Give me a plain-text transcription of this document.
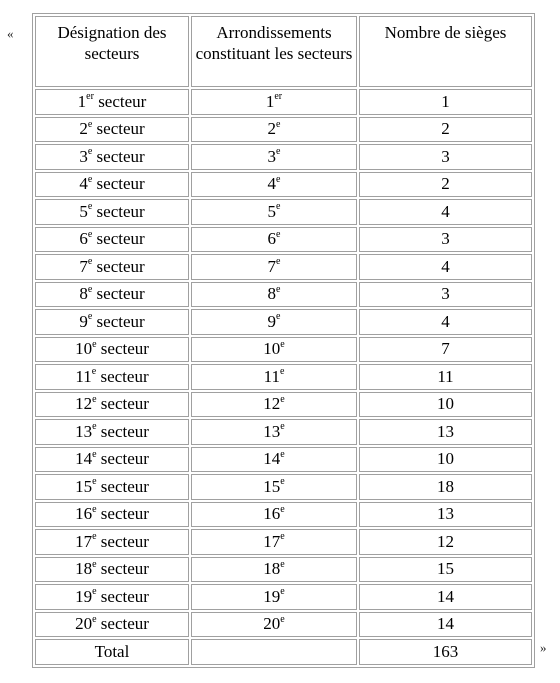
«	Désignation des secteurs	Arrondissements constituant les secteurs	Nombre de sièges
1er secteur	1er	1
2e secteur	2e	2
3e secteur	3e	3
4e secteur	4e	2
5e secteur	5e	4
6e secteur	6e	3
7e secteur	7e	4
8e secteur	8e	3
9e secteur	9e	4
10e secteur	10e	7
11e secteur	11e	11
12e secteur	12e	10
13e secteur	13e	13
14e secteur	14e	10
15e secteur	15e	18
16e secteur	16e	13
17e secteur	17e	12
18e secteur	18e	15
19e secteur	19e	14
20e secteur	20e	14
Total		163	»
